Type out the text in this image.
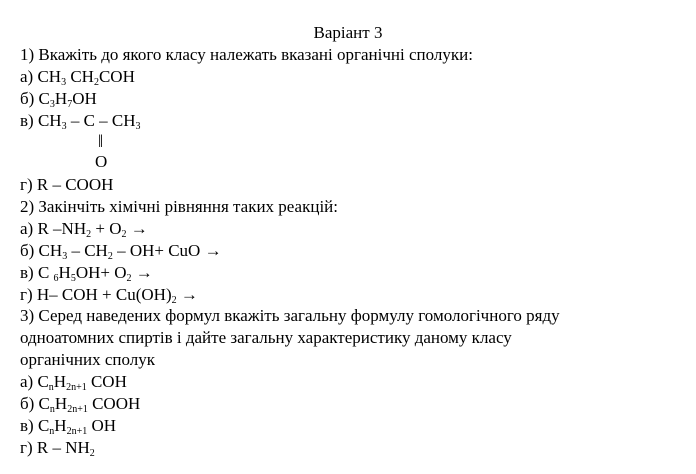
Варіант 3
1) Вкажіть до якого класу належать вказані органічні сполуки:
а) $CH_3$ $CH_2COH$
б) $C_3H_7OH$
в) $CH_3$ – C – $CH_3$
‖
O
г) R – COOH
2) Закінчіть хімічні рівняння таких реакцій:
а) R $-NH_2 + O_2$ →
б) $CH_3 - CH_2 - OH+$ CuO →
в) C $_6H_5OH+ O_2$ →
г) H– COH + $Cu(OH)_2$ →
3) Серед наведених формул вкажіть загальну формулу гомологічного ряду
одноатомних спиртів і дайте загальну характеристику даному класу
органічних сполук
а) $C_nH_{2n+1}$ COH
б) $C_nH_{2n+1}$ COOH
в) $C_nH_{2n+1}$ OH
г) R – $NH_2$
